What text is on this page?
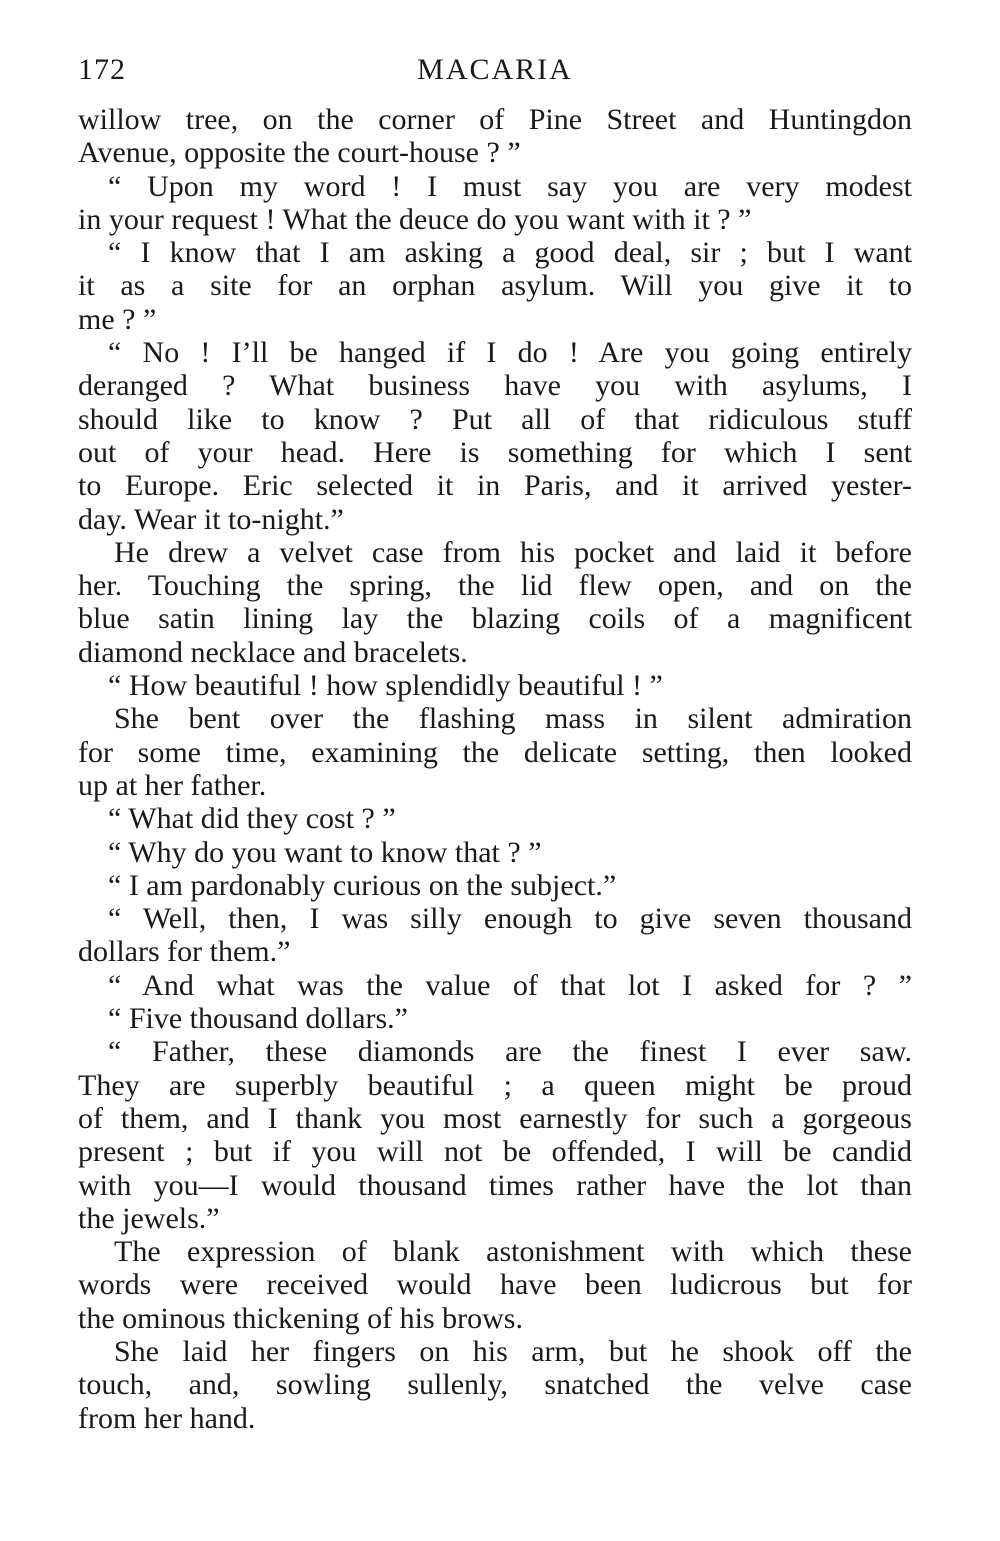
172	MACARIA
willow tree, on the corner of Pine Street and Huntingdon
Avenue, opposite the court-house ? ”
“ Upon my word ! I must say you are very modest
in your request ! What the deuce do you want with it ? ”
“ I know that I am asking a good deal, sir ; but I want
it as a site for an orphan asylum. Will you give it to
me ? ”
“ No ! I’ll be hanged if I do ! Are you going entirely
deranged ? What business have you with asylums, I
should like to know ? Put all of that ridiculous stuff
out of your head. Here is something for which I sent
to Europe. Eric selected it in Paris, and it arrived yester-
day. Wear it to-night.”
He drew a velvet case from his pocket and laid it before
her. Touching the spring, the lid flew open, and on the
blue satin lining lay the blazing coils of a magnificent
diamond necklace and bracelets.
“ How beautiful ! how splendidly beautiful ! ”
She bent over the flashing mass in silent admiration
for some time, examining the delicate setting, then looked
up at her father.
“ What did they cost ? ”
“ Why do you want to know that ? ”
“ I am pardonably curious on the subject.”
“ Well, then, I was silly enough to give seven thousand
dollars for them.”
“ And what was the value of that lot I asked for ? ”
“ Five thousand dollars.”
“ Father, these diamonds are the finest I ever saw.
They are superbly beautiful ; a queen might be proud
of them, and I thank you most earnestly for such a gorgeous
present ; but if you will not be offended, I will be candid
with you—I would thousand times rather have the lot than
the jewels.”
The expression of blank astonishment with which these
words were received would have been ludicrous but for
the ominous thickening of his brows.
She laid her fingers on his arm, but he shook off the
touch, and, sowling sullenly, snatched the velve case
from her hand.
